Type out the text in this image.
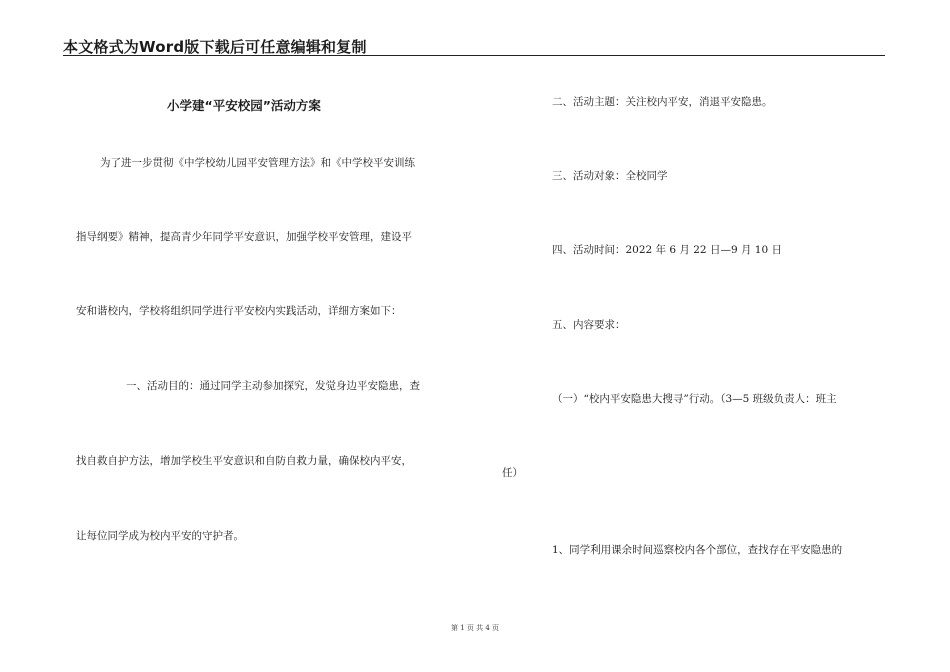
本文格式为Word版下载后可任意编辑和复制
小学建“平安校园”活动方案
为了进一步贯彻《中学校幼儿园平安管理方法》和《中学校平安训练
指导纲要》精神，提高青少年同学平安意识，加强学校平安管理，建设平
安和谐校内，学校将组织同学进行平安校内实践活动，详细方案如下：
一、活动目的：通过同学主动参加探究，发觉身边平安隐患，查
找自救自护方法，增加学校生平安意识和自防自救力量，确保校内平安，
让每位同学成为校内平安的守护者。
任）
二、活动主题：关注校内平安，消退平安隐患。
三、活动对象：全校同学
四、活动时间：2022 年 6 月 22 日—9 月 10 日
五、内容要求：
（一）“校内平安隐患大搜寻”行动。（3—5 班级负责人：班主
1、同学利用课余时间巡察校内各个部位，查找存在平安隐患的
第 1 页 共 4 页
